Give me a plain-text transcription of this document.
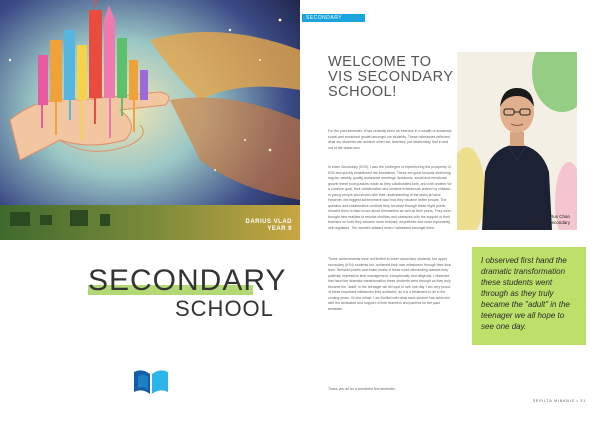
DARIUS VLAD
YEAR 9
SECONDARY
SCHOOL
SECONDARY
WELCOME TO VIS SECONDARY SCHOOL!

For the past semester, it has certainly been an exercise in a wealth of academic, social and emotional growth amongst our students. These milestones reflected what our students can achieve when we, teachers, put relationship first in and out of the classroom.

In lower Secondary (KS3), I was the privileged of experiencing the prosperity of KS3 and quickly established the foundation. These are good towards stretching regular, weekly, quality assurance meetings. Academic, social and emotional growth these young adults made as they collaborated both, and with another for a common goal, their collaboration and creative endeavours shared by children in young people and shown with their understanding of the tasks at hand. However, the biggest achievement was how they became better people. The question and collaborative conflicts they resolved through these eight points showed them to learn more about themselves as well as their peers. They were brought new realities to resolve conflicts and obstacles with the support of their teachers on both they became more relevant, empathetic and most importantly, self-regulated. The warmth radiated when I witnessed amongst them.

These achievements were not limited to lower secondary students, but upper secondary (KS4) students too, achieved their own milestones through their final term. Stressful points and exam levels of these more demanding classes they patiently impressive time management, exceptionally and diligently. I observed first hand the dramatic transformation these students went through as they truly became the "adult" in the teenager we all hope to see one day. I am very proud of these important milestones they achieved, as it is a testament to all in the coming years. On the whole, I am thrilled with what each student has achieved with the dedicated and support of their teachers and parents for the past semester.

Thank you all for a wonderful first semester.

Rus Chan
Principal of Secondary

I observed first hand the dramatic transformation these students went through as they truly became the "adult" in the teenager we all hope to see one day.

SEPILTA MINANIS • 31
